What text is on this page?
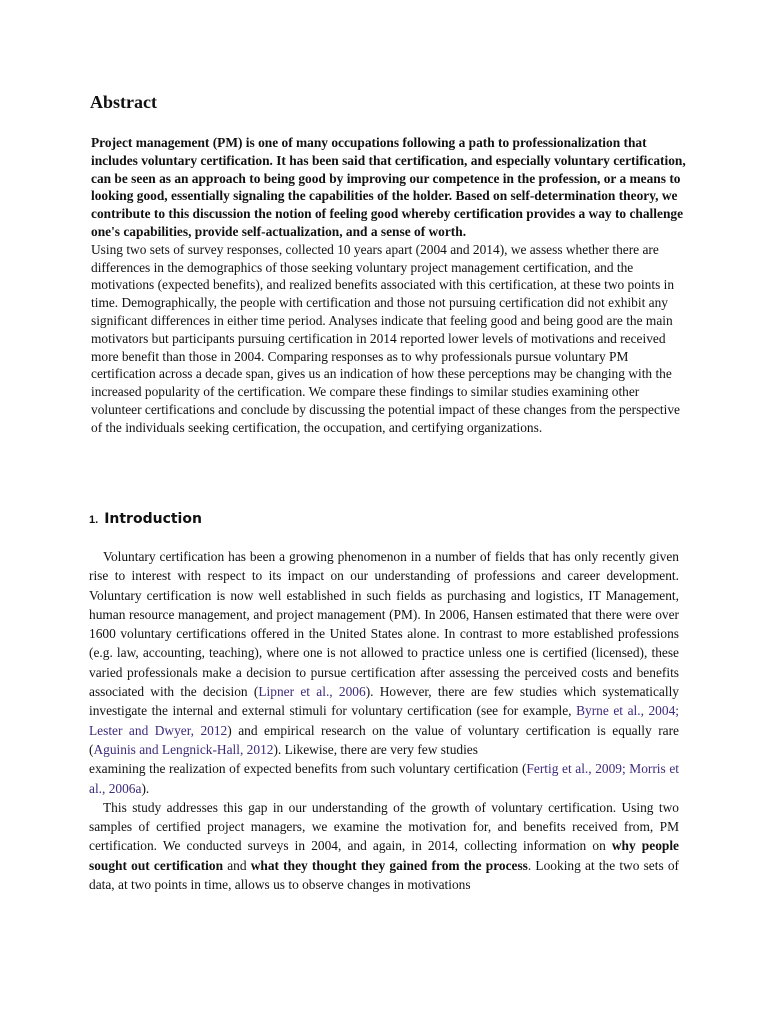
Abstract
Project management (PM) is one of many occupations following a path to professionalization that includes voluntary certification. It has been said that certification, and especially voluntary certification, can be seen as an approach to being good by improving our competence in the profession, or a means to looking good, essentially signaling the capabilities of the holder. Based on self-determination theory, we contribute to this discussion the notion of feeling good whereby certification provides a way to challenge one's capabilities, provide self-actualization, and a sense of worth.
Using two sets of survey responses, collected 10 years apart (2004 and 2014), we assess whether there are differences in the demographics of those seeking voluntary project management certification, and the motivations (expected benefits), and realized benefits associated with this certification, at these two points in time. Demographically, the people with certification and those not pursuing certification did not exhibit any significant differences in either time period. Analyses indicate that feeling good and being good are the main motivators but participants pursuing certification in 2014 reported lower levels of motivations and received more benefit than those in 2004. Comparing responses as to why professionals pursue voluntary PM certification across a decade span, gives us an indication of how these perceptions may be changing with the increased popularity of the certification. We compare these findings to similar studies examining other volunteer certifications and conclude by discussing the potential impact of these changes from the perspective of the individuals seeking certification, the occupation, and certifying organizations.
1. Introduction

Voluntary certification has been a growing phenomenon in a number of fields that has only recently given rise to interest with respect to its impact on our understanding of professions and career development. Voluntary certification is now well established in such fields as purchasing and logistics, IT Management, human resource management, and project management (PM). In 2006, Hansen estimated that there were over 1600 voluntary certifications offered in the United States alone. In contrast to more established professions (e.g. law, accounting, teaching), where one is not allowed to practice unless one is certified (licensed), these varied professionals make a decision to pursue certification after assessing the perceived costs and benefits associated with the decision (Lipner et al., 2006). However, there are few studies which systematically investigate the internal and external stimuli for voluntary certification (see for example, Byrne et al., 2004; Lester and Dwyer, 2012) and empirical research on the value of voluntary certification is equally rare (Aguinis and Lengnick-Hall, 2012). Likewise, there are very few studies

examining the realization of expected benefits from such voluntary certification (Fertig et al., 2009; Morris et al., 2006a).

This study addresses this gap in our understanding of the growth of voluntary certification. Using two samples of certified project managers, we examine the motivation for, and benefits received from, PM certification. We conducted surveys in 2004, and again, in 2014, collecting information on why people sought out certification and what they thought they gained from the process. Looking at the two sets of data, at two points in time, allows us to observe changes in motivations
